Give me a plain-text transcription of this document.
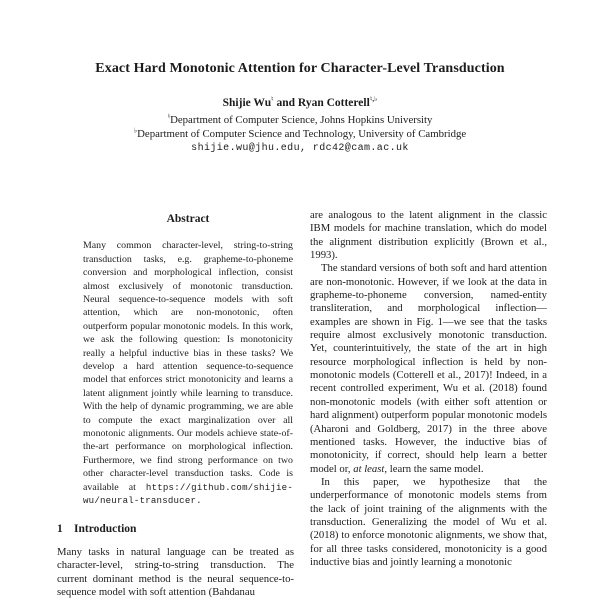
Exact Hard Monotonic Attention for Character-Level Transduction
Shijie Wu♮ and Ryan Cotterell♮,♭
♮Department of Computer Science, Johns Hopkins University
♭Department of Computer Science and Technology, University of Cambridge
shijie.wu@jhu.edu, rdc42@cam.ac.uk
Abstract

Many common character-level, string-to-string transduction tasks, e.g. grapheme-to-phoneme conversion and morphological inflection, consist almost exclusively of monotonic transduction. Neural sequence-to-sequence models with soft attention, which are non-monotonic, often outperform popular monotonic models. In this work, we ask the following question: Is monotonicity really a helpful inductive bias in these tasks? We develop a hard attention sequence-to-sequence model that enforces strict monotonicity and learns a latent alignment jointly while learning to transduce. With the help of dynamic programming, we are able to compute the exact marginalization over all monotonic alignments. Our models achieve state-of-the-art performance on morphological inflection. Furthermore, we find strong performance on two other character-level transduction tasks. Code is available at https://github.com/shijie-wu/neural-transducer.

1 Introduction

Many tasks in natural language can be treated as character-level, string-to-string transduction. The current dominant method is the neural sequence-to-sequence model with soft attention (Bahdanau

are analogous to the latent alignment in the classic IBM models for machine translation, which do model the alignment distribution explicitly (Brown et al., 1993).

The standard versions of both soft and hard attention are non-monotonic. However, if we look at the data in grapheme-to-phoneme conversion, named-entity transliteration, and morphological inflection—examples are shown in Fig. 1—we see that the tasks require almost exclusively monotonic transduction. Yet, counterintuitively, the state of the art in high resource morphological inflection is held by non-monotonic models (Cotterell et al., 2017)! Indeed, in a recent controlled experiment, Wu et al. (2018) found non-monotonic models (with either soft attention or hard alignment) outperform popular monotonic models (Aharoni and Goldberg, 2017) in the three above mentioned tasks. However, the inductive bias of monotonicity, if correct, should help learn a better model or, at least, learn the same model.

In this paper, we hypothesize that the underperformance of monotonic models stems from the lack of joint training of the alignments with the transduction. Generalizing the model of Wu et al. (2018) to enforce monotonic alignments, we show that, for all three tasks considered, monotonicity is a good inductive bias and jointly learning a monotonic
